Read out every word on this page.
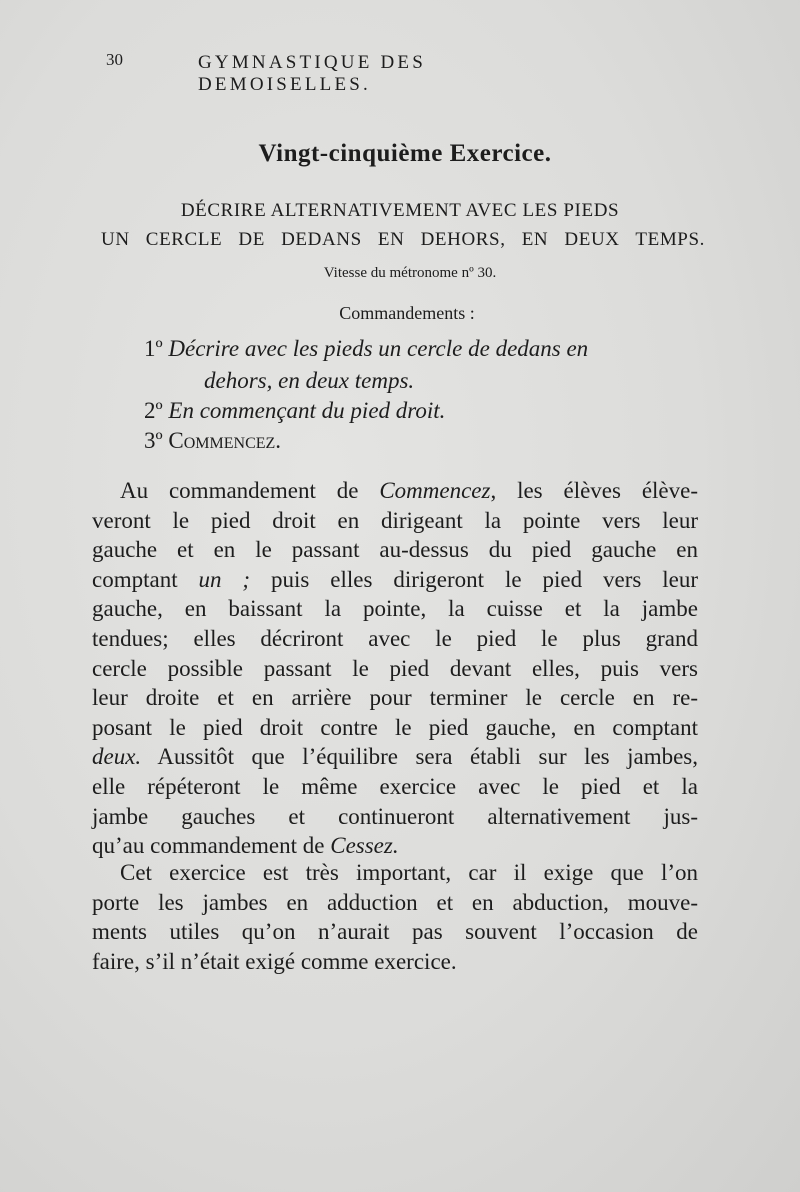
30	GYMNASTIQUE DES DEMOISELLES.
Vingt-cinquième Exercice.
DÉCRIRE ALTERNATIVEMENT AVEC LES PIEDS
UN CERCLE DE DEDANS EN DEHORS, EN DEUX TEMPS.
Vitesse du métronome nº 30.
Commandements :
1º Décrire avec les pieds un cercle de dedans en
dehors, en deux temps.
2º En commençant du pied droit.
3º Commencez.
Au commandement de Commencez, les élèves élève-
veront le pied droit en dirigeant la pointe vers leur
gauche et en le passant au-dessus du pied gauche en
comptant un ; puis elles dirigeront le pied vers leur
gauche, en baissant la pointe, la cuisse et la jambe
tendues; elles décriront avec le pied le plus grand
cercle possible passant le pied devant elles, puis vers
leur droite et en arrière pour terminer le cercle en re-
posant le pied droit contre le pied gauche, en comptant
deux. Aussitôt que l’équilibre sera établi sur les jambes,
elle répéteront le même exercice avec le pied et la
jambe gauches et continueront alternativement jus-
qu’au commandement de Cessez.
Cet exercice est très important, car il exige que l’on
porte les jambes en adduction et en abduction, mouve-
ments utiles qu’on n’aurait pas souvent l’occasion de
faire, s’il n’était exigé comme exercice.
